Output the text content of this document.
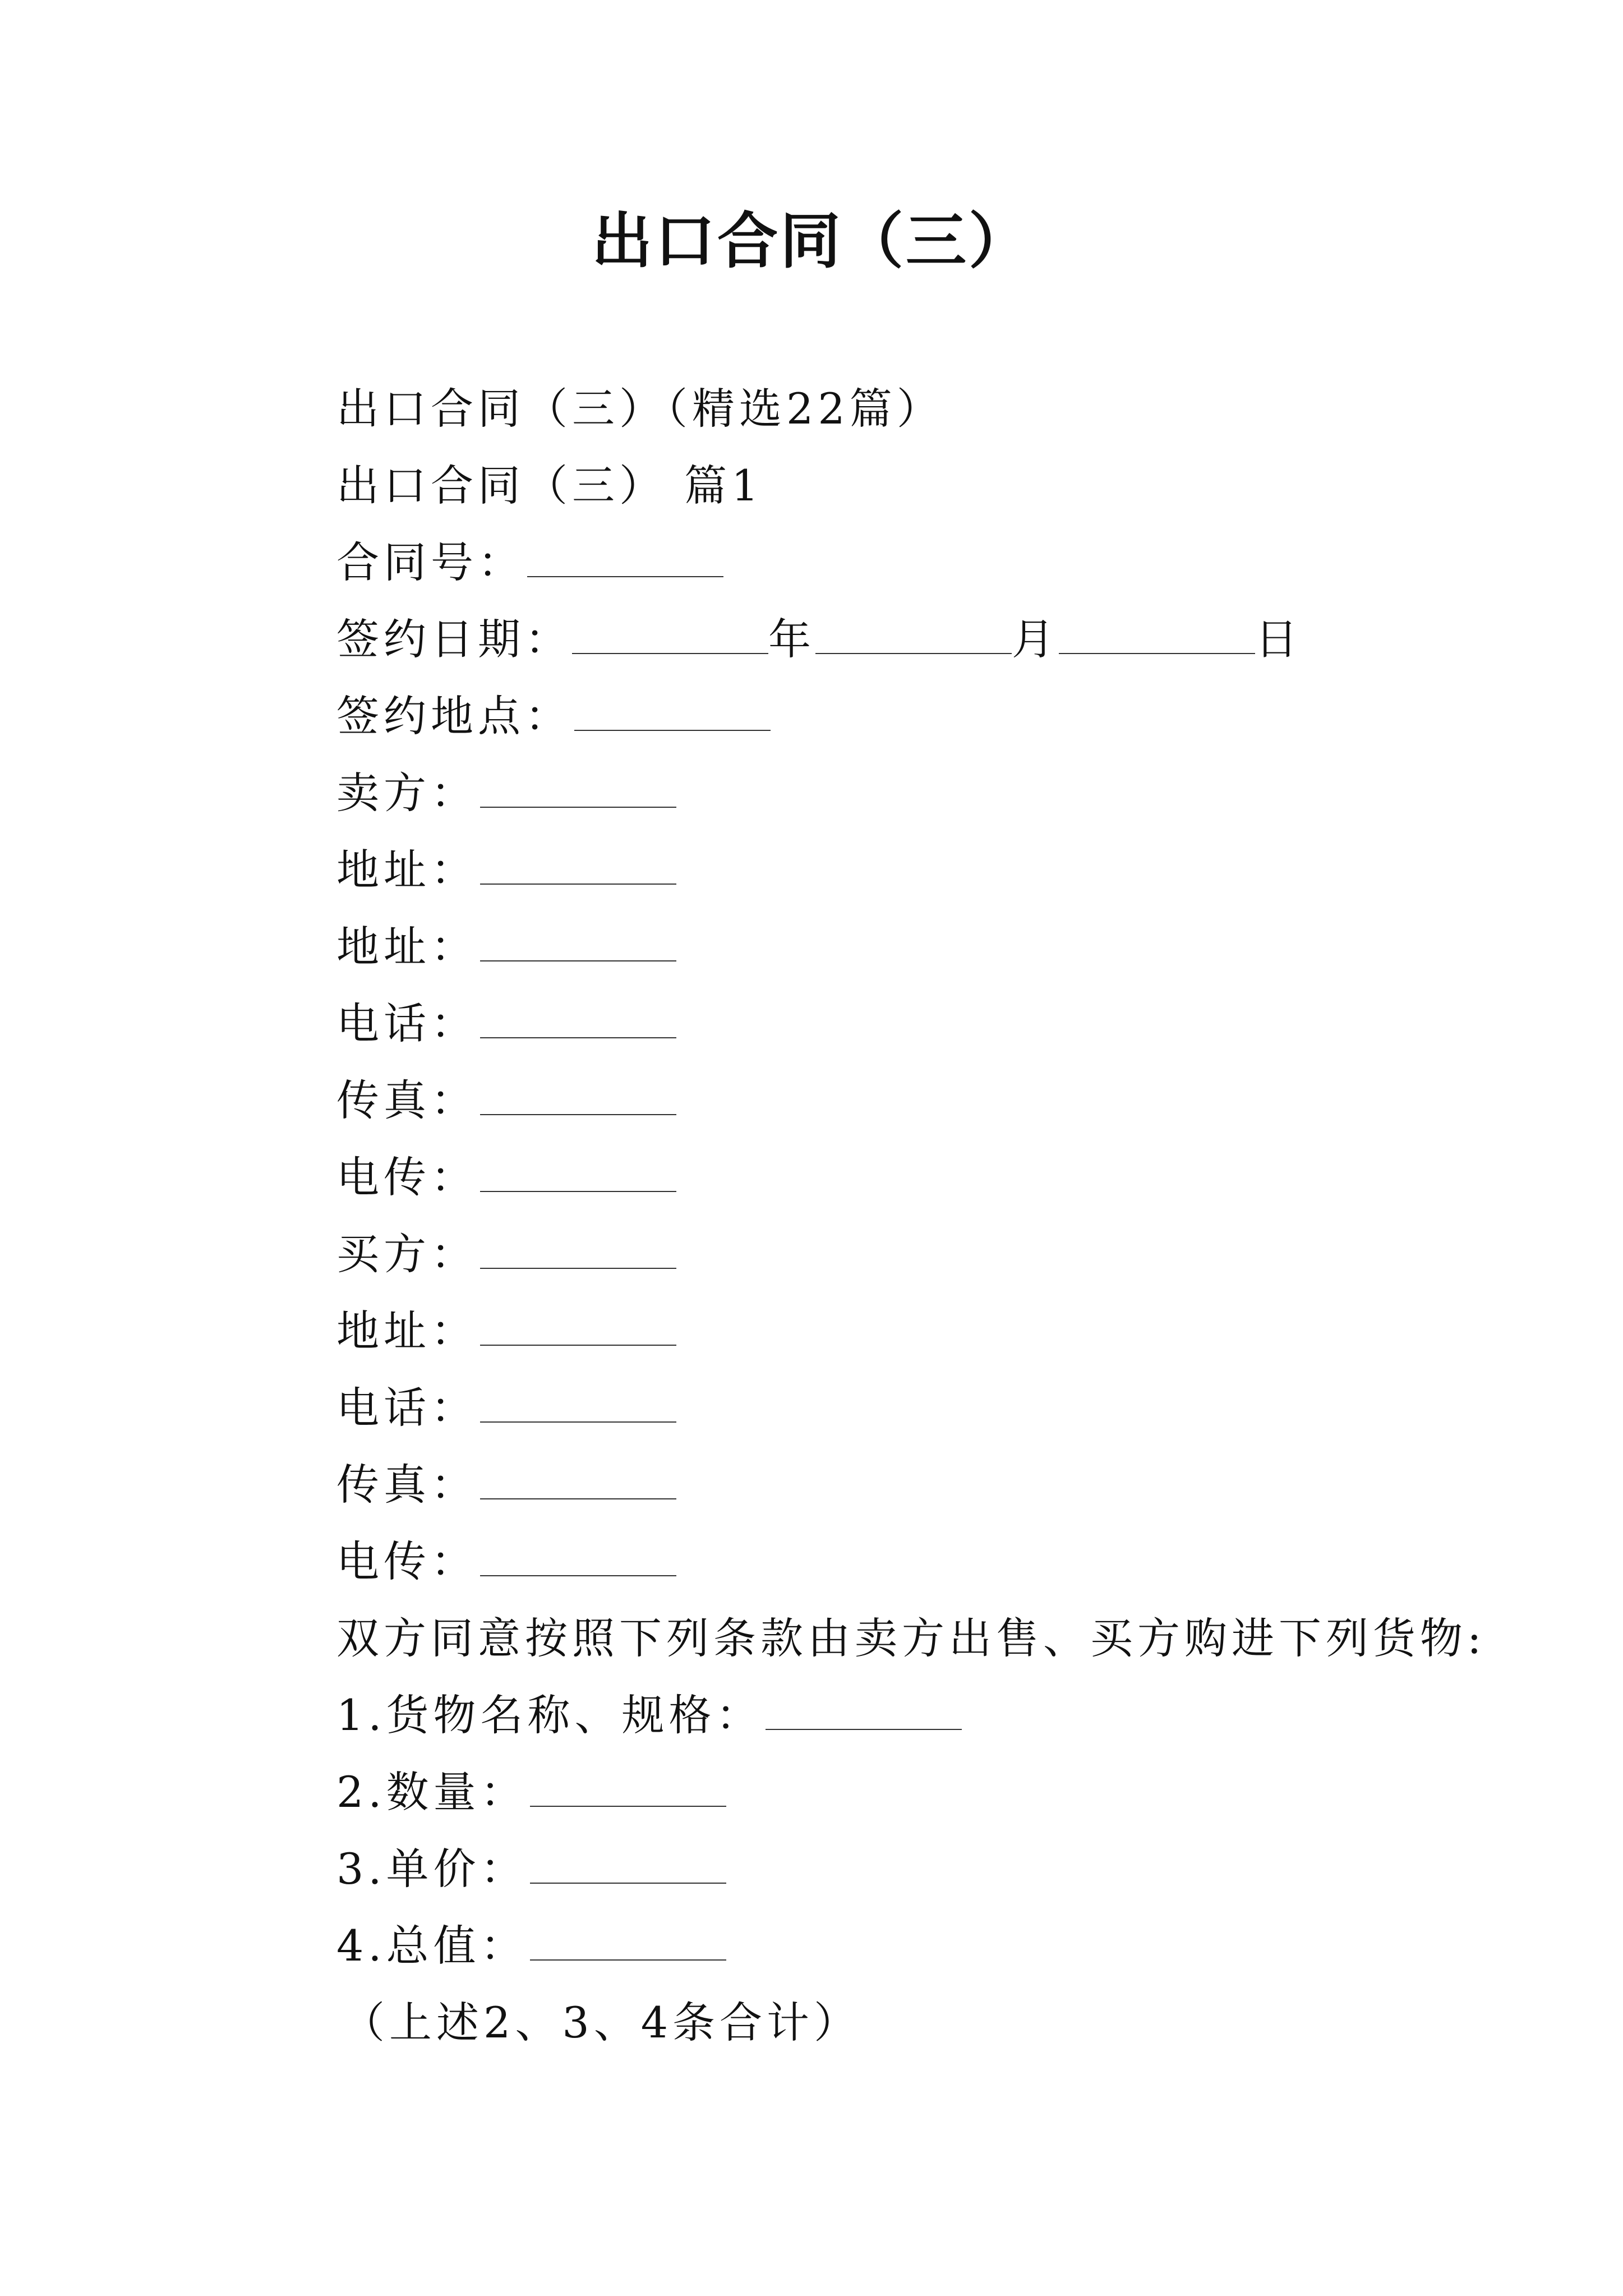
出口合同（三）
出口合同（三）（精选22篇）
出口合同（三） 篇1
合同号：
签约日期：	年	月	日
签约地点：
卖方：
地址：
地址：
电话：
传真：
电传：
买方：
地址：
电话：
传真：
电传：
双方同意按照下列条款由卖方出售、买方购进下列货物:
1.货物名称、规格：
2.数量：
3.单价：
4.总值：
（上述2、3、4条合计）
